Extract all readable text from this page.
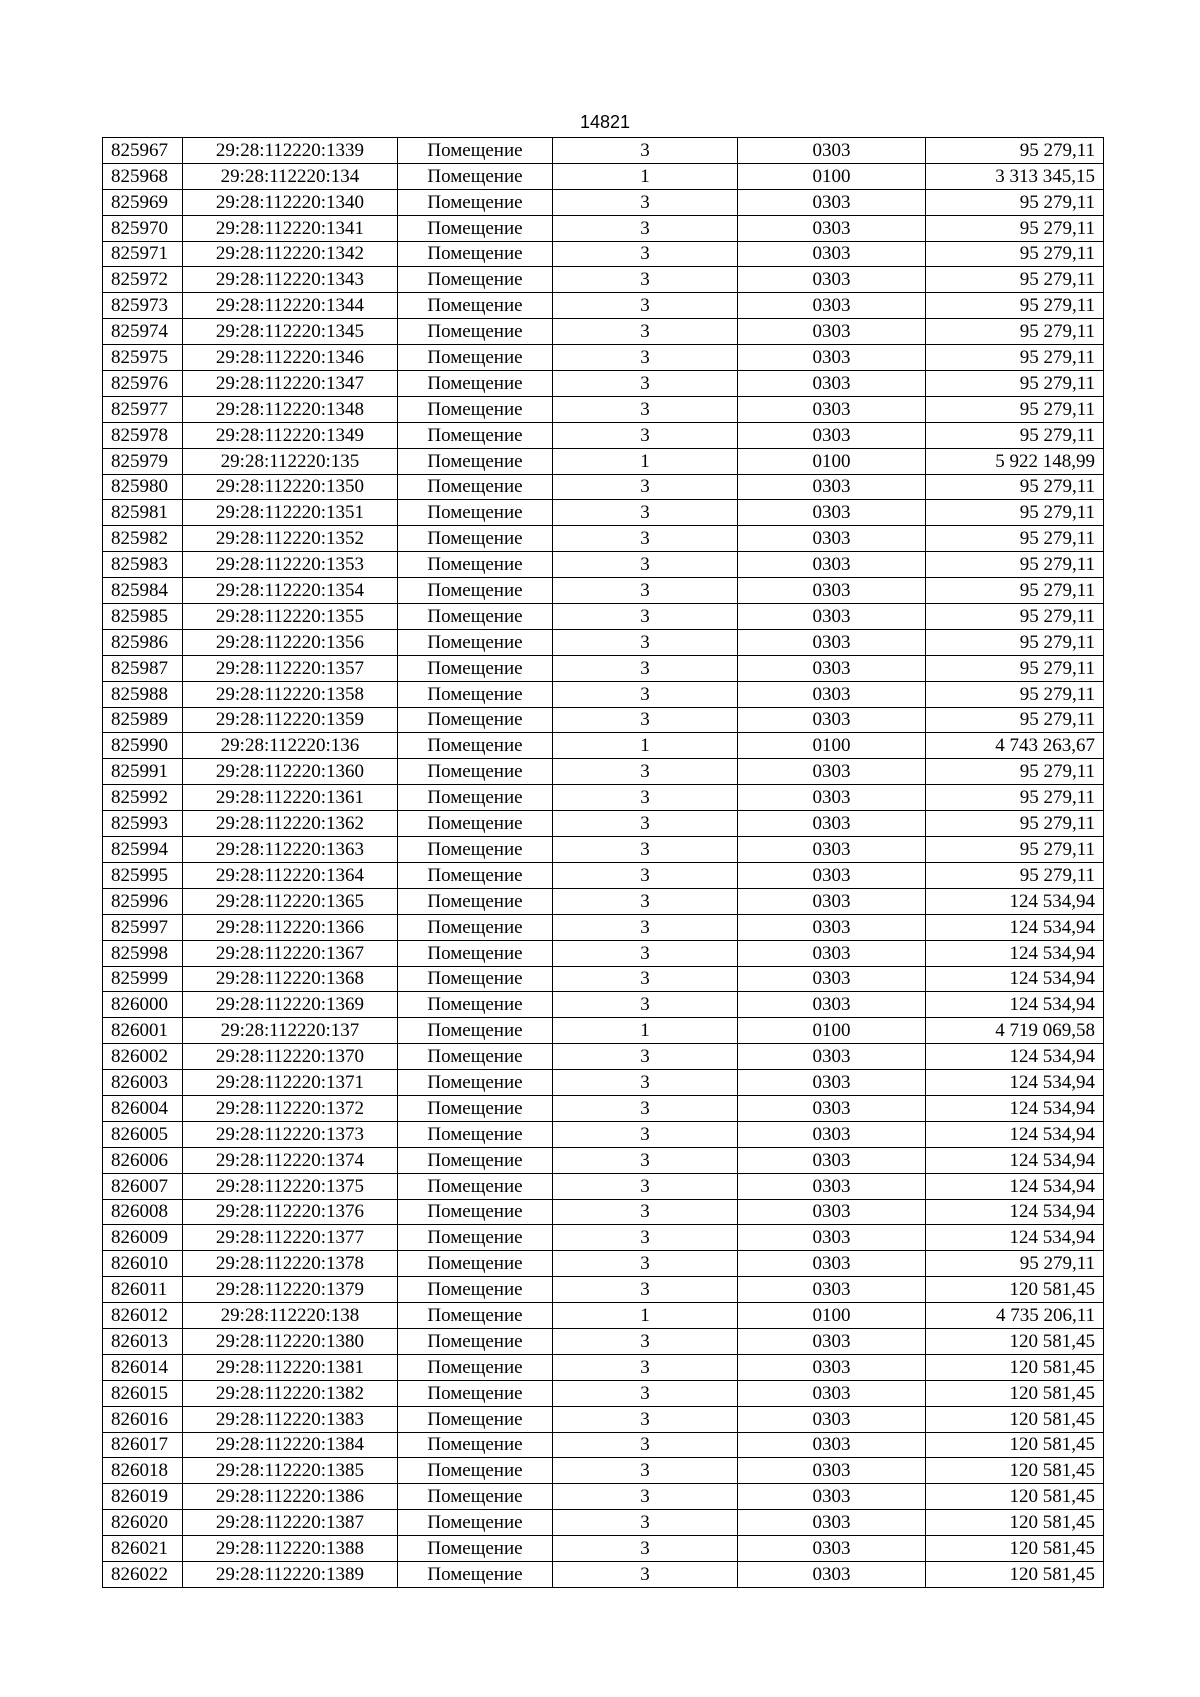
14821
825967	29:28:112220:1339	Помещение	3	0303	95 279,11
825968	29:28:112220:134	Помещение	1	0100	3 313 345,15
825969	29:28:112220:1340	Помещение	3	0303	95 279,11
825970	29:28:112220:1341	Помещение	3	0303	95 279,11
825971	29:28:112220:1342	Помещение	3	0303	95 279,11
825972	29:28:112220:1343	Помещение	3	0303	95 279,11
825973	29:28:112220:1344	Помещение	3	0303	95 279,11
825974	29:28:112220:1345	Помещение	3	0303	95 279,11
825975	29:28:112220:1346	Помещение	3	0303	95 279,11
825976	29:28:112220:1347	Помещение	3	0303	95 279,11
825977	29:28:112220:1348	Помещение	3	0303	95 279,11
825978	29:28:112220:1349	Помещение	3	0303	95 279,11
825979	29:28:112220:135	Помещение	1	0100	5 922 148,99
825980	29:28:112220:1350	Помещение	3	0303	95 279,11
825981	29:28:112220:1351	Помещение	3	0303	95 279,11
825982	29:28:112220:1352	Помещение	3	0303	95 279,11
825983	29:28:112220:1353	Помещение	3	0303	95 279,11
825984	29:28:112220:1354	Помещение	3	0303	95 279,11
825985	29:28:112220:1355	Помещение	3	0303	95 279,11
825986	29:28:112220:1356	Помещение	3	0303	95 279,11
825987	29:28:112220:1357	Помещение	3	0303	95 279,11
825988	29:28:112220:1358	Помещение	3	0303	95 279,11
825989	29:28:112220:1359	Помещение	3	0303	95 279,11
825990	29:28:112220:136	Помещение	1	0100	4 743 263,67
825991	29:28:112220:1360	Помещение	3	0303	95 279,11
825992	29:28:112220:1361	Помещение	3	0303	95 279,11
825993	29:28:112220:1362	Помещение	3	0303	95 279,11
825994	29:28:112220:1363	Помещение	3	0303	95 279,11
825995	29:28:112220:1364	Помещение	3	0303	95 279,11
825996	29:28:112220:1365	Помещение	3	0303	124 534,94
825997	29:28:112220:1366	Помещение	3	0303	124 534,94
825998	29:28:112220:1367	Помещение	3	0303	124 534,94
825999	29:28:112220:1368	Помещение	3	0303	124 534,94
826000	29:28:112220:1369	Помещение	3	0303	124 534,94
826001	29:28:112220:137	Помещение	1	0100	4 719 069,58
826002	29:28:112220:1370	Помещение	3	0303	124 534,94
826003	29:28:112220:1371	Помещение	3	0303	124 534,94
826004	29:28:112220:1372	Помещение	3	0303	124 534,94
826005	29:28:112220:1373	Помещение	3	0303	124 534,94
826006	29:28:112220:1374	Помещение	3	0303	124 534,94
826007	29:28:112220:1375	Помещение	3	0303	124 534,94
826008	29:28:112220:1376	Помещение	3	0303	124 534,94
826009	29:28:112220:1377	Помещение	3	0303	124 534,94
826010	29:28:112220:1378	Помещение	3	0303	95 279,11
826011	29:28:112220:1379	Помещение	3	0303	120 581,45
826012	29:28:112220:138	Помещение	1	0100	4 735 206,11
826013	29:28:112220:1380	Помещение	3	0303	120 581,45
826014	29:28:112220:1381	Помещение	3	0303	120 581,45
826015	29:28:112220:1382	Помещение	3	0303	120 581,45
826016	29:28:112220:1383	Помещение	3	0303	120 581,45
826017	29:28:112220:1384	Помещение	3	0303	120 581,45
826018	29:28:112220:1385	Помещение	3	0303	120 581,45
826019	29:28:112220:1386	Помещение	3	0303	120 581,45
826020	29:28:112220:1387	Помещение	3	0303	120 581,45
826021	29:28:112220:1388	Помещение	3	0303	120 581,45
826022	29:28:112220:1389	Помещение	3	0303	120 581,45
